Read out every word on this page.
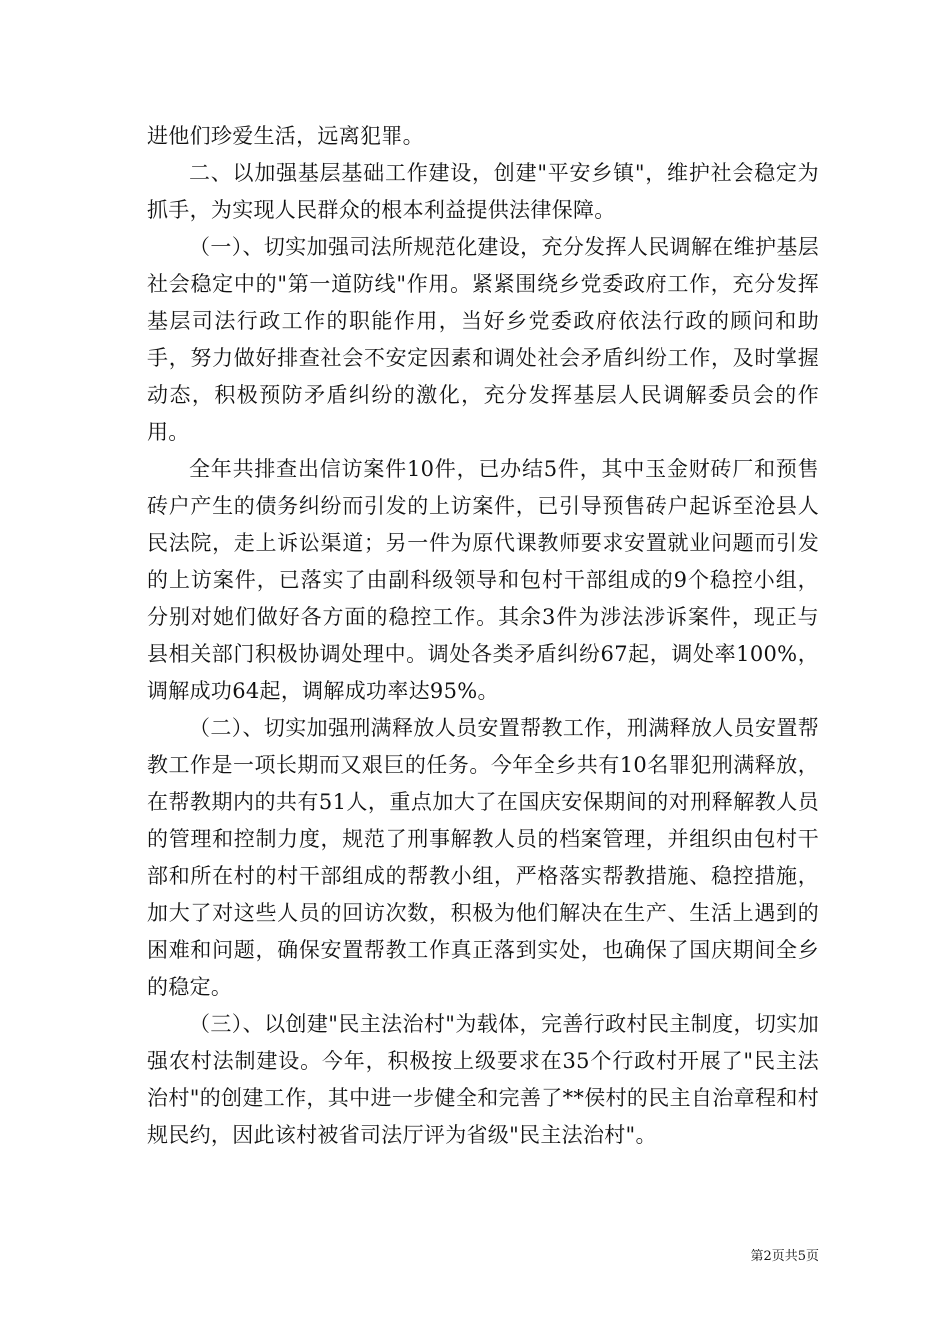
进他们珍爱生活，远离犯罪。

二、以加强基层基础工作建设，创建"平安乡镇"，维护社会稳定为抓手，为实现人民群众的根本利益提供法律保障。

（一）、切实加强司法所规范化建设，充分发挥人民调解在维护基层社会稳定中的"第一道防线"作用。紧紧围绕乡党委政府工作，充分发挥基层司法行政工作的职能作用，当好乡党委政府依法行政的顾问和助手，努力做好排查社会不安定因素和调处社会矛盾纠纷工作，及时掌握动态，积极预防矛盾纠纷的激化，充分发挥基层人民调解委员会的作用。

全年共排查出信访案件10件，已办结5件，其中玉金财砖厂和预售砖户产生的债务纠纷而引发的上访案件，已引导预售砖户起诉至沧县人民法院，走上诉讼渠道；另一件为原代课教师要求安置就业问题而引发的上访案件，已落实了由副科级领导和包村干部组成的9个稳控小组，分别对她们做好各方面的稳控工作。其余3件为涉法涉诉案件，现正与县相关部门积极协调处理中。调处各类矛盾纠纷67起，调处率100%，调解成功64起，调解成功率达95%。

（二）、切实加强刑满释放人员安置帮教工作，刑满释放人员安置帮教工作是一项长期而又艰巨的任务。今年全乡共有10名罪犯刑满释放，在帮教期内的共有51人，重点加大了在国庆安保期间的对刑释解教人员的管理和控制力度，规范了刑事解教人员的档案管理，并组织由包村干部和所在村的村干部组成的帮教小组，严格落实帮教措施、稳控措施，加大了对这些人员的回访次数，积极为他们解决在生产、生活上遇到的困难和问题，确保安置帮教工作真正落到实处，也确保了国庆期间全乡的稳定。

（三）、以创建"民主法治村"为载体，完善行政村民主制度，切实加强农村法制建设。今年，积极按上级要求在35个行政村开展了"民主法治村"的创建工作，其中进一步健全和完善了**侯村的民主自治章程和村规民约，因此该村被省司法厅评为省级"民主法治村"。

第2页共5页
